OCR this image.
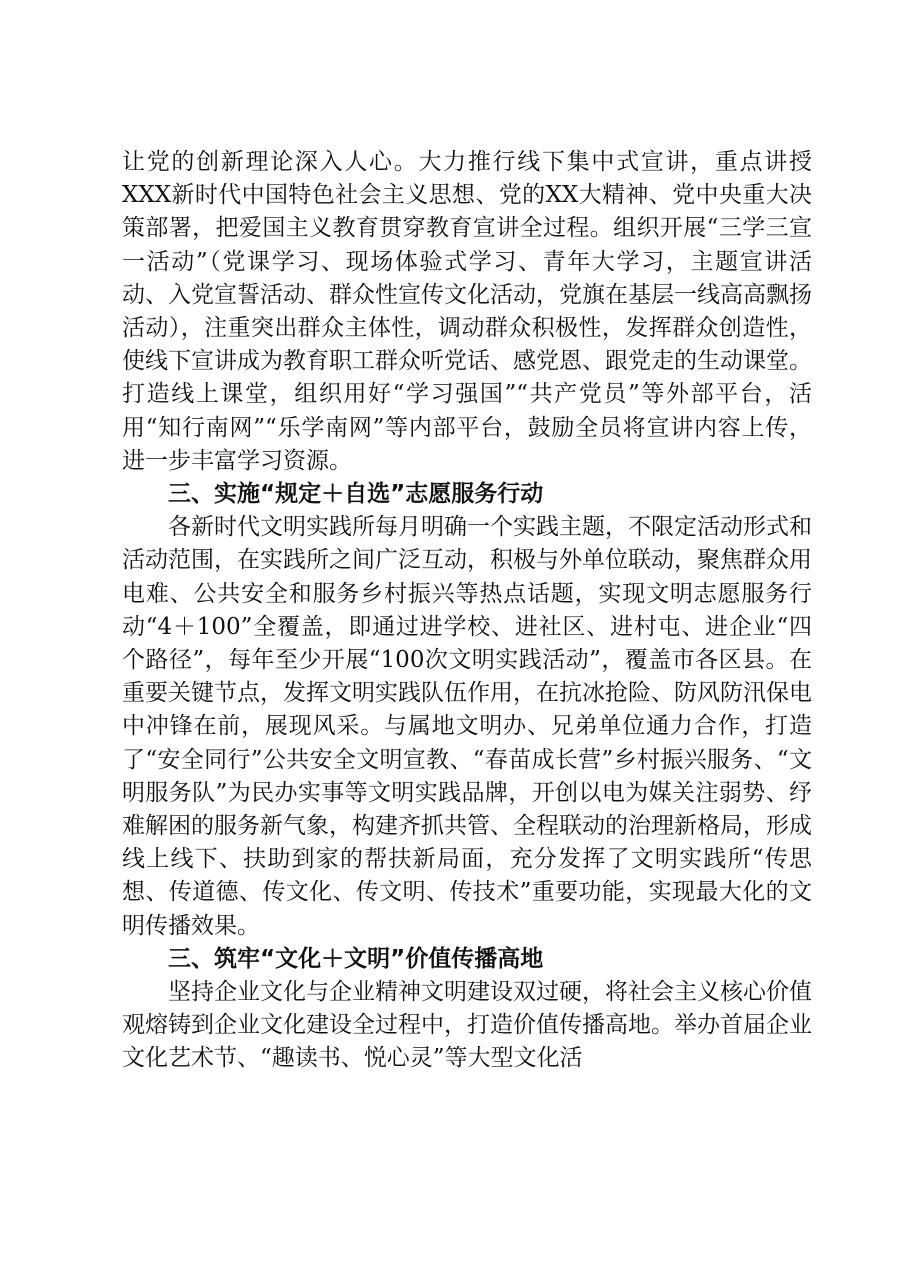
让党的创新理论深入人心。大力推行线下集中式宣讲，重点讲授XXX新时代中国特色社会主义思想、党的XX大精神、党中央重大决策部署，把爱国主义教育贯穿教育宣讲全过程。组织开展“三学三宣一活动”（党课学习、现场体验式学习、青年大学习，主题宣讲活动、入党宣誓活动、群众性宣传文化活动，党旗在基层一线高高飘扬活动），注重突出群众主体性，调动群众积极性，发挥群众创造性，使线下宣讲成为教育职工群众听党话、感党恩、跟党走的生动课堂。打造线上课堂，组织用好“学习强国”“共产党员”等外部平台，活用“知行南网”“乐学南网”等内部平台，鼓励全员将宣讲内容上传，进一步丰富学习资源。

三、实施“规定＋自选”志愿服务行动

各新时代文明实践所每月明确一个实践主题，不限定活动形式和活动范围，在实践所之间广泛互动，积极与外单位联动，聚焦群众用电难、公共安全和服务乡村振兴等热点话题，实现文明志愿服务行动“4＋100”全覆盖，即通过进学校、进社区、进村屯、进企业“四个路径”，每年至少开展“100次文明实践活动”，覆盖市各区县。在重要关键节点，发挥文明实践队伍作用，在抗冰抢险、防风防汛保电中冲锋在前，展现风采。与属地文明办、兄弟单位通力合作，打造了“安全同行”公共安全文明宣教、“春苗成长营”乡村振兴服务、“文明服务队”为民办实事等文明实践品牌，开创以电为媒关注弱势、纾难解困的服务新气象，构建齐抓共管、全程联动的治理新格局，形成线上线下、扶助到家的帮扶新局面，充分发挥了文明实践所“传思想、传道德、传文化、传文明、传技术”重要功能，实现最大化的文明传播效果。

三、筑牢“文化＋文明”价值传播高地

坚持企业文化与企业精神文明建设双过硬，将社会主义核心价值观熔铸到企业文化建设全过程中，打造价值传播高地。举办首届企业文化艺术节、“趣读书、悦心灵”等大型文化活
